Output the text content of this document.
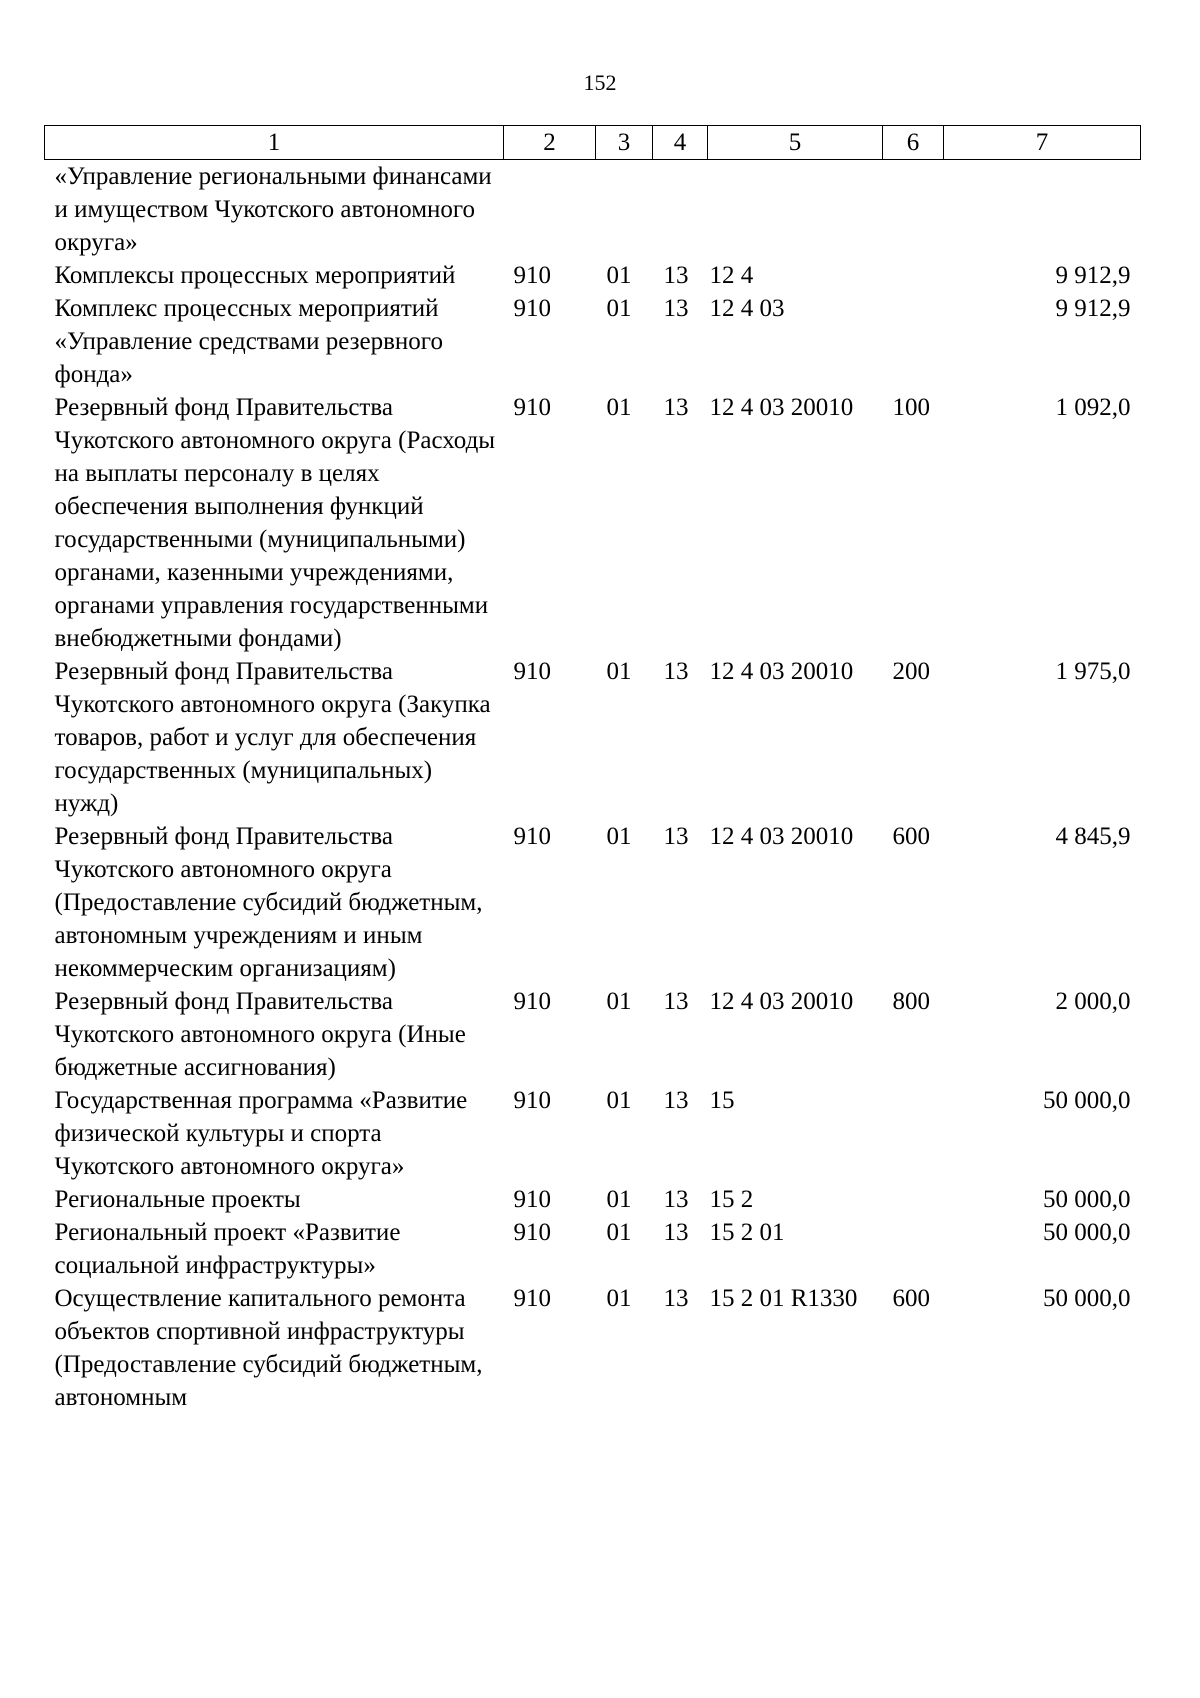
152
1	2	3	4	5	6	7
«Управление региональными финансами и имуществом Чукотского автономного округа»						
Комплексы процессных мероприятий	910	01	13	12 4		9 912,9
Комплекс процессных мероприятий «Управление средствами резервного фонда»	910	01	13	12 4 03		9 912,9
Резервный фонд Правительства Чукотского автономного округа (Расходы на выплаты персоналу в целях обеспечения выполнения функций государственными (муниципальными) органами, казенными учреждениями, органами управления государственными внебюджетными фондами)	910	01	13	12 4 03 20010	100	1 092,0
Резервный фонд Правительства Чукотского автономного округа (Закупка товаров, работ и услуг для обеспечения государственных (муниципальных) нужд)	910	01	13	12 4 03 20010	200	1 975,0
Резервный фонд Правительства Чукотского автономного округа (Предоставление субсидий бюджетным, автономным учреждениям и иным некоммерческим организациям)	910	01	13	12 4 03 20010	600	4 845,9
Резервный фонд Правительства Чукотского автономного округа (Иные бюджетные ассигнования)	910	01	13	12 4 03 20010	800	2 000,0
Государственная программа «Развитие физической культуры и спорта Чукотского автономного округа»	910	01	13	15		50 000,0
Региональные проекты	910	01	13	15 2		50 000,0
Региональный проект «Развитие социальной инфраструктуры»	910	01	13	15 2 01		50 000,0
Осуществление капитального ремонта объектов спортивной инфраструктуры (Предоставление субсидий бюджетным, автономным	910	01	13	15 2 01 R1330	600	50 000,0
